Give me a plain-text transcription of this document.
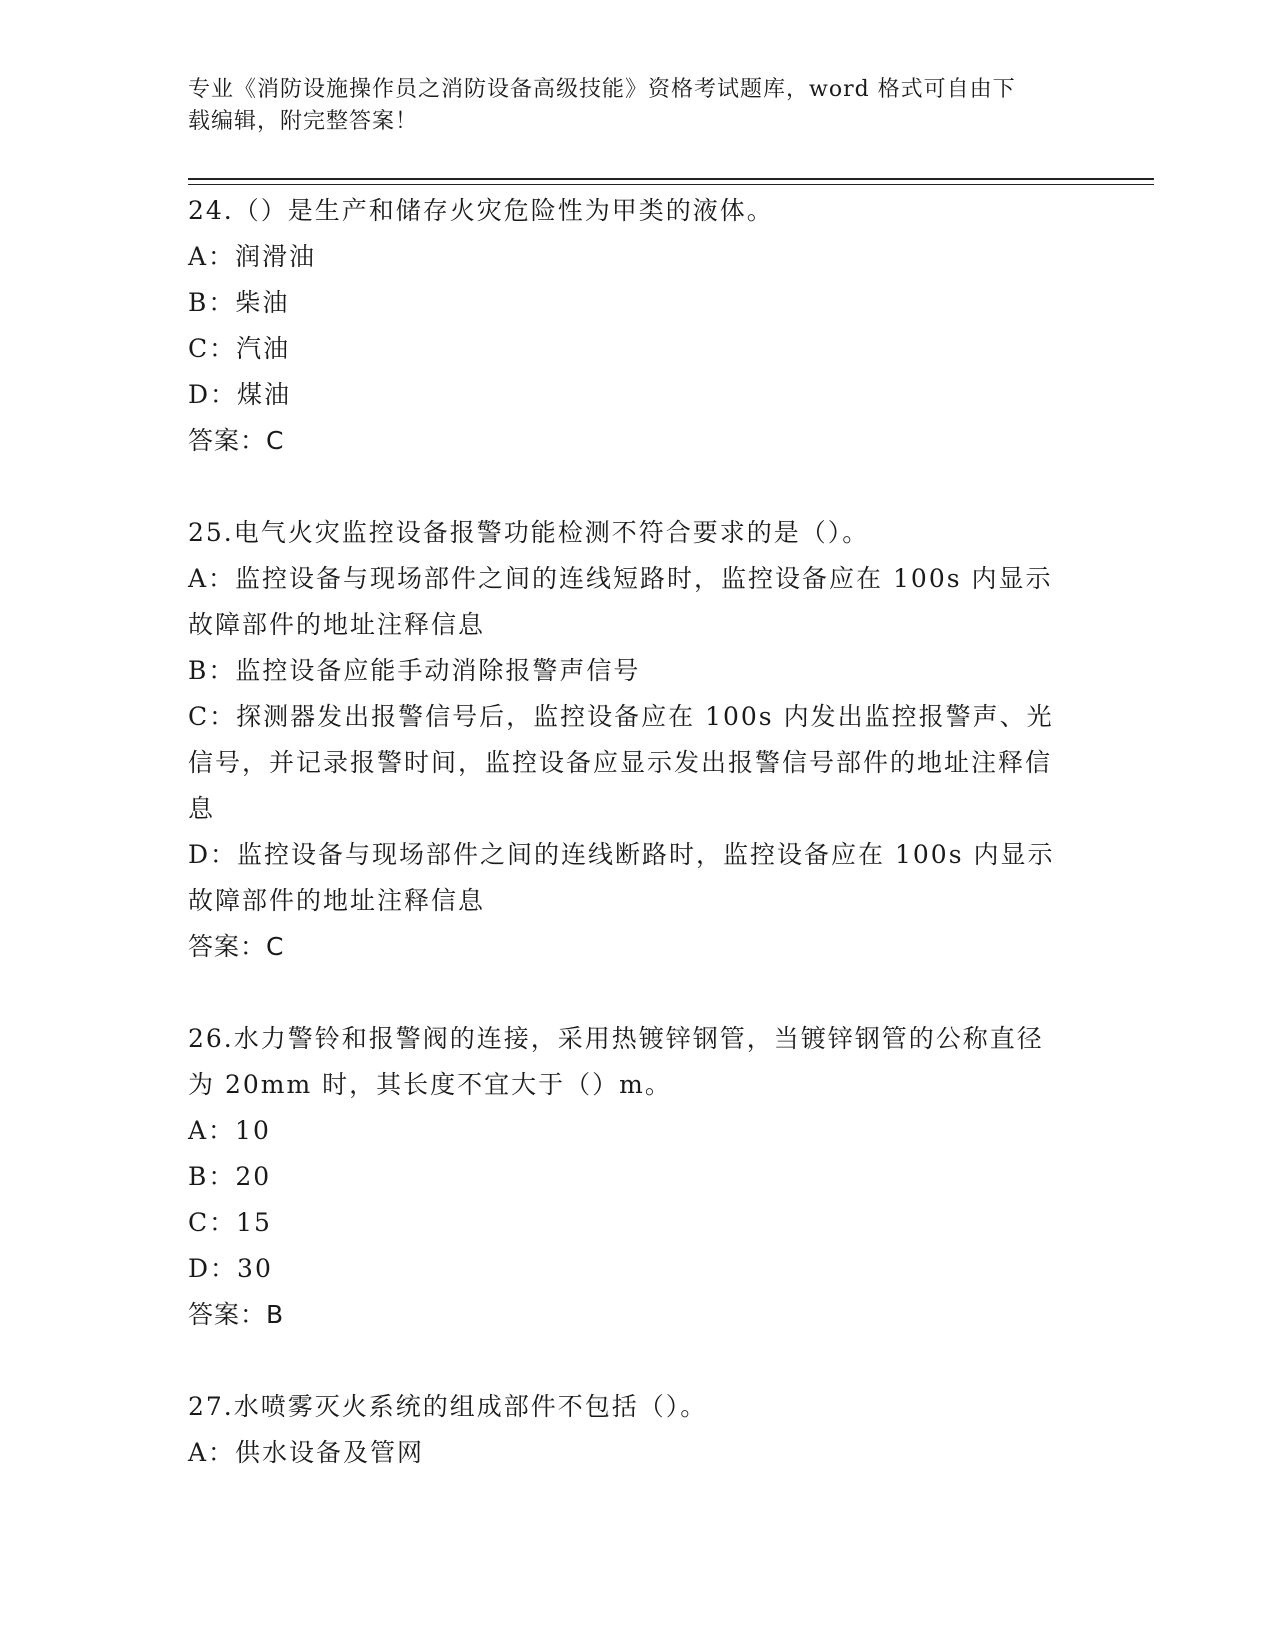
专业《消防设施操作员之消防设备高级技能》资格考试题库，word 格式可自由下
载编辑，附完整答案！

24.（）是生产和储存火灾危险性为甲类的液体。

A：润滑油

B：柴油

C：汽油

D：煤油

答案：C

25.电气火灾监控设备报警功能检测不符合要求的是（）。

A：监控设备与现场部件之间的连线短路时，监控设备应在 100s 内显示故障部件的地址注释信息

B：监控设备应能手动消除报警声信号

C：探测器发出报警信号后，监控设备应在 100s 内发出监控报警声、光信号，并记录报警时间，监控设备应显示发出报警信号部件的地址注释信息

D：监控设备与现场部件之间的连线断路时，监控设备应在 100s 内显示故障部件的地址注释信息

答案：C

26.水力警铃和报警阀的连接，采用热镀锌钢管，当镀锌钢管的公称直径为 20mm 时，其长度不宜大于（）m。

A：10

B：20

C：15

D：30

答案：B

27.水喷雾灭火系统的组成部件不包括（）。

A：供水设备及管网
